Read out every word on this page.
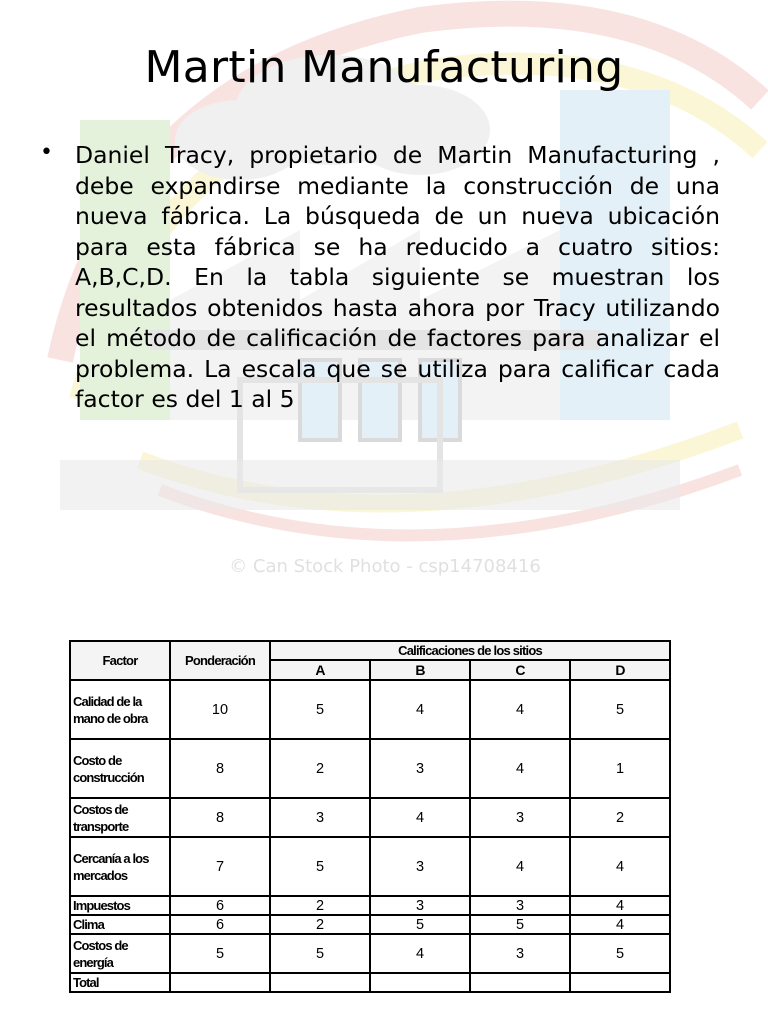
© Can Stock Photo - csp14708416
Martin Manufacturing
• Daniel Tracy, propietario de Martin Manufacturing , debe expandirse mediante la construcción de una nueva fábrica. La búsqueda de un nueva ubicación para esta fábrica se ha reducido a cuatro sitios: A,B,C,D. En la tabla siguiente se muestran los resultados obtenidos hasta ahora por Tracy utilizando el método de calificación de factores para analizar el problema. La escala que se utiliza para calificar cada factor es del 1 al 5
Factor	Ponderación	Calificaciones de los sitios			
		A	B	C	D
Calidad de la mano de obra	10	5	4	4	5
Costo de construcción	8	2	3	4	1
Costos de transporte	8	3	4	3	2
Cercanía a los mercados	7	5	3	4	4
Impuestos	6	2	3	3	4
Clima	6	2	5	5	4
Costos de energía	5	5	4	3	5
Total					
